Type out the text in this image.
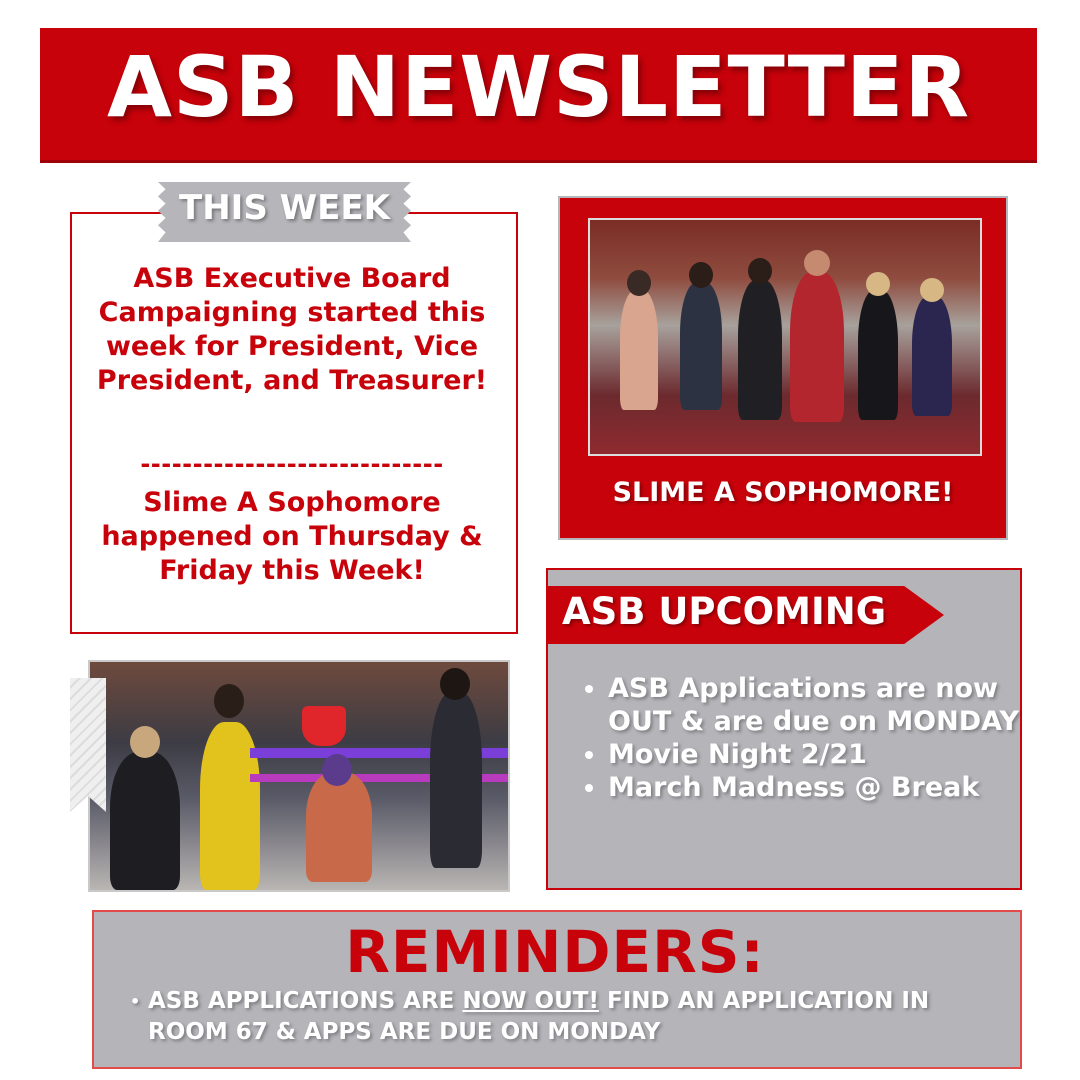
ASB NEWSLETTER
THIS WEEK
ASB Executive Board Campaigning started this week for President, Vice President, and Treasurer!
-----------------------------
Slime A Sophomore happened on Thursday & Friday this Week!
SLIME A SOPHOMORE!
ASB UPCOMING
• ASB Applications are now OUT & are due on MONDAY
• Movie Night 2/21
• March Madness @ Break
REMINDERS:
• ASB APPLICATIONS ARE NOW OUT! FIND AN APPLICATION IN ROOM 67 & APPS ARE DUE ON MONDAY
